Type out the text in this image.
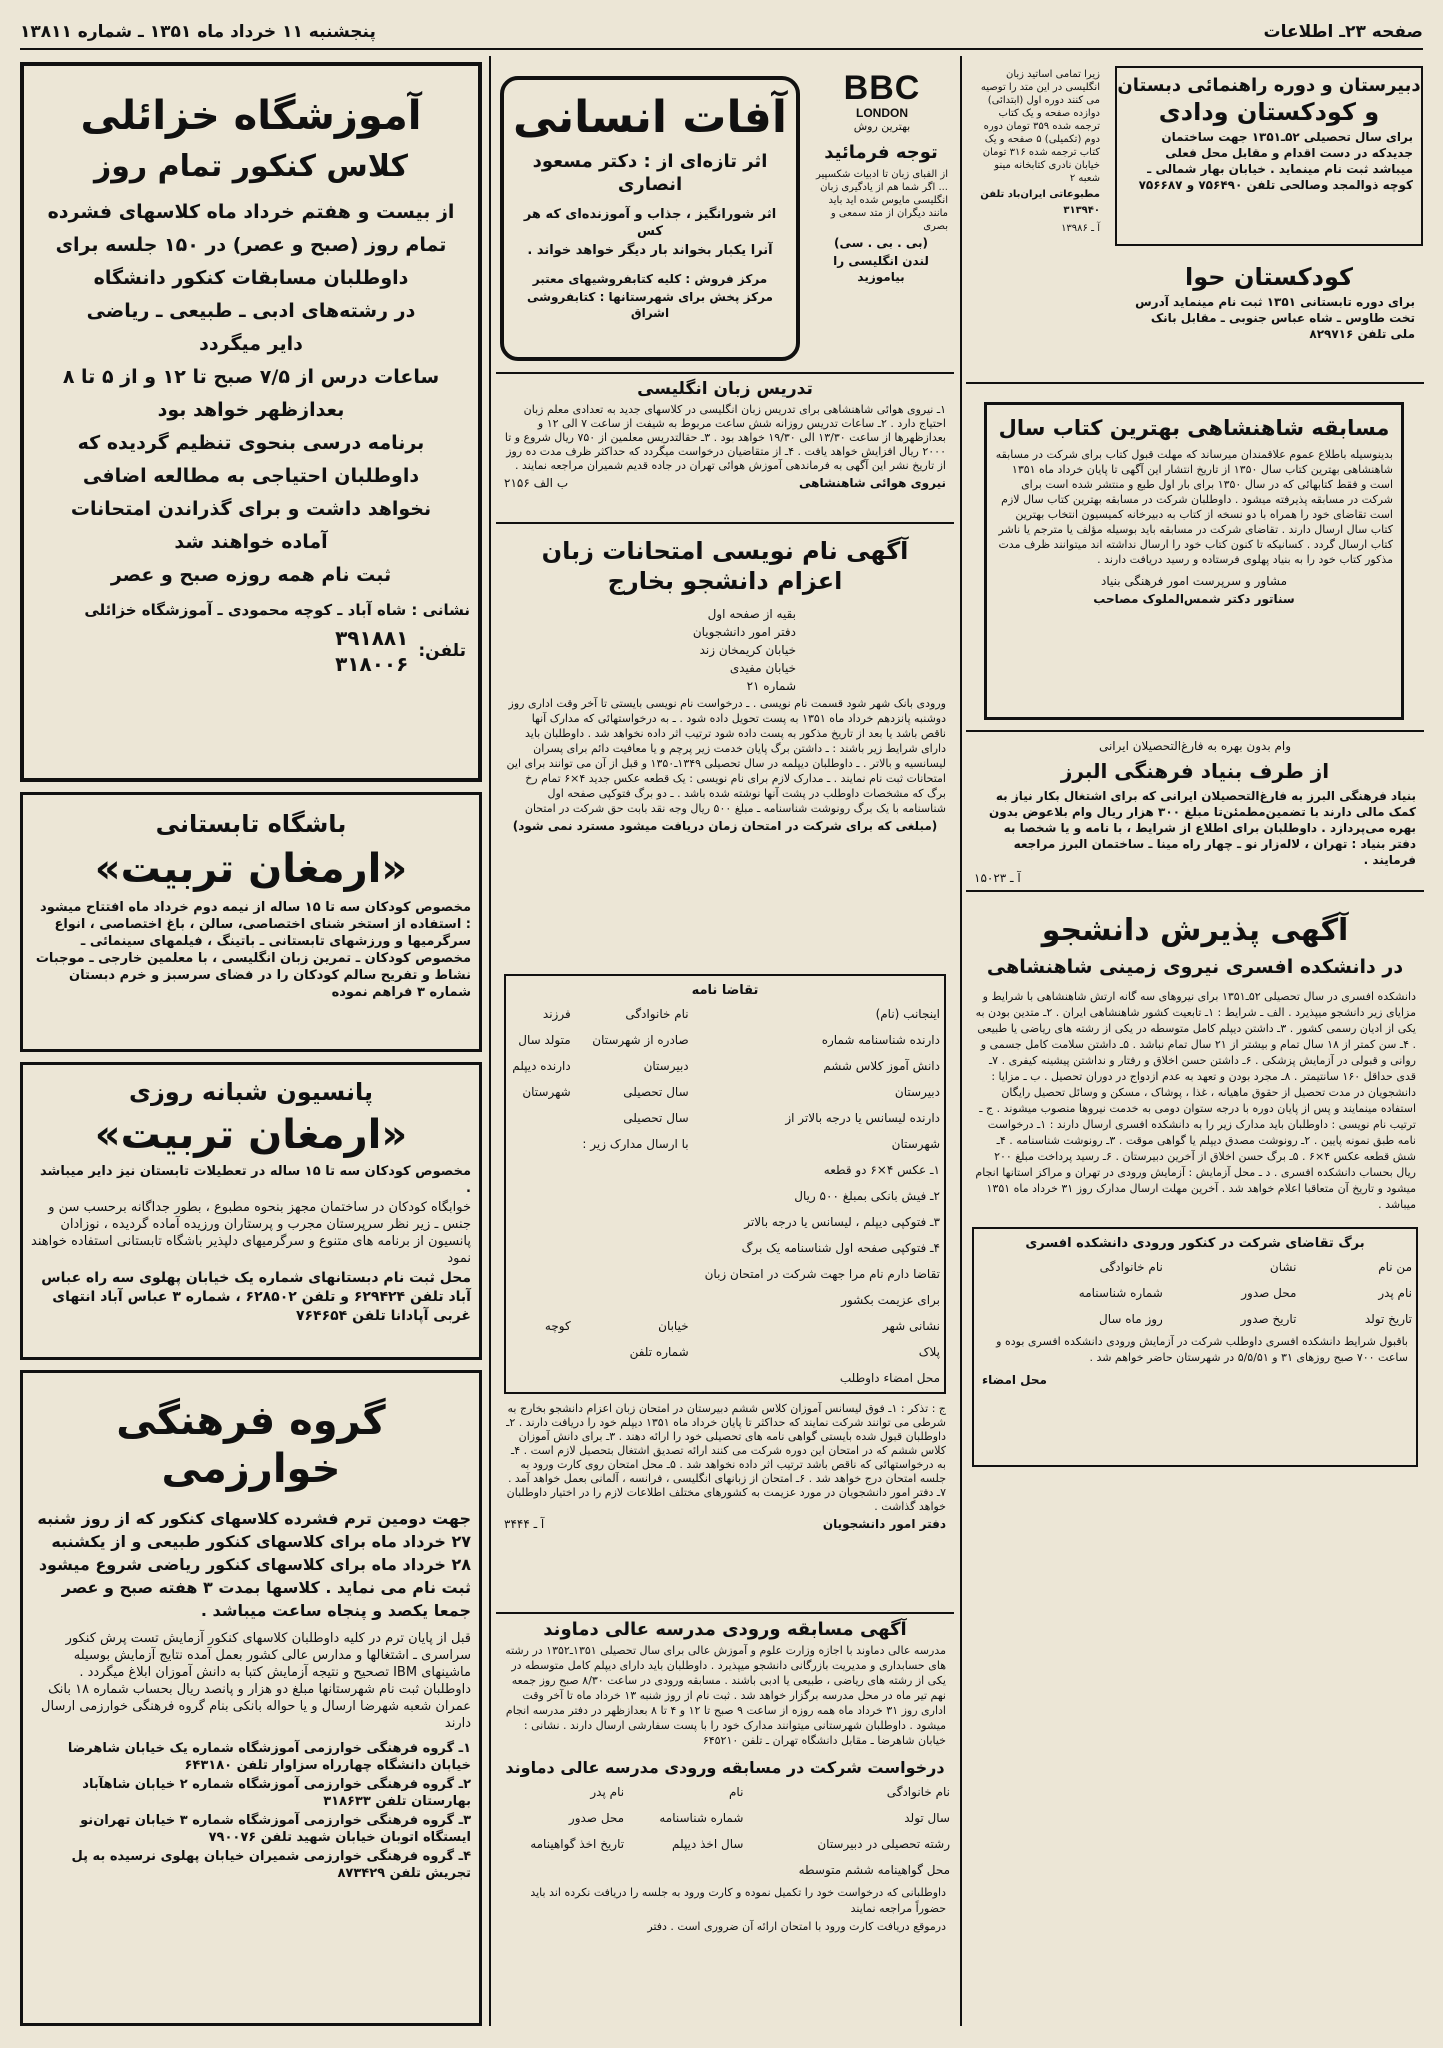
صفحه ۲۳ـ اطلاعات
پنجشنبه ۱۱ خرداد ماه ۱۳۵۱ ـ شماره ۱۳۸۱۱
آموزشگاه خزائلی
کلاس کنکور تمام روز
از بیست و هفتم خرداد ماه کلاسهای فشرده
تمام روز (صبح و عصر) در ۱۵۰ جلسه برای
داوطلبان مسابقات کنکور دانشگاه
در رشته‌های ادبی ـ طبیعی ـ ریاضی
دایر میگردد
ساعات درس از ۷/۵ صبح تا ۱۲ و از ۵ تا ۸
بعدازظهر خواهد بود
برنامه درسی بنحوی تنظیم گردیده که
داوطلبان احتیاجی به مطالعه اضافی
نخواهد داشت و برای گذراندن امتحانات
آماده خواهند شد
ثبت نام همه روزه صبح و عصر
نشانی : شاه آباد ـ کوچه محمودی ـ آموزشگاه خزائلی
تلفن:
۳۹۱۸۸۱
۳۱۸۰۰۶
باشگاه تابستانی
«ارمغان تربیت»
مخصوص کودکان سه تا ۱۵ ساله از نیمه دوم خرداد ماه افتتاح میشود : استفاده از استخر شنای اختصاصی، سالن ، باغ اختصاصی ، انواع سرگرمیها و ورزشهای تابستانی ـ باتینگ ، فیلمهای سینمائی ـ مخصوص کودکان ـ تمرین زبان انگلیسی ، با معلمین خارجی ـ موجبات نشاط و تفریح سالم کودکان را در فضای سرسبز و خرم دبستان شماره ۳ فراهم نموده
پانسیون شبانه روزی
«ارمغان تربیت»
مخصوص کودکان سه تا ۱۵ ساله در تعطیلات تابستان نیز دایر میباشد .
خوابگاه کودکان در ساختمان مجهز بنحوه مطبوع ، بطور جداگانه برحسب سن و جنس ـ زیر نظر سرپرستان مجرب و پرستاران ورزیده آماده گردیده ، نوزادان پانسیون از برنامه های متنوع و سرگرمیهای دلپذیر باشگاه تابستانی استفاده خواهند نمود
محل ثبت نام دبستانهای شماره یک خیابان پهلوی سه راه عباس آباد تلفن ۶۲۹۴۲۴ و تلفن ۶۲۸۵۰۲ ، شماره ۳ عباس آباد انتهای غربی آپادانا تلفن ۷۶۴۶۵۴
گروه فرهنگی خوارزمی
جهت دومین ترم فشرده کلاسهای کنکور که از روز شنبه ۲۷ خرداد ماه برای کلاسهای کنکور طبیعی و از یکشنبه ۲۸ خرداد ماه برای کلاسهای کنکور ریاضی شروع میشود ثبت نام می نماید . کلاسها بمدت ۳ هفته صبح و عصر جمعا یکصد و پنجاه ساعت میباشد .
قبل از پایان ترم در کلیه داوطلبان کلاسهای کنکور آزمایش تست پرش کنکور سراسری ـ اشتغالها و مدارس عالی کشور بعمل آمده نتایج آزمایش بوسیله ماشینهای IBM تصحیح و نتیجه آزمایش کتبا به دانش آموزان ابلاغ میگردد . داوطلبان ثبت نام شهرستانها مبلغ دو هزار و پانصد ریال بحساب شماره ۱۸ بانک عمران شعبه شهرضا ارسال و یا حواله بانکی بنام گروه فرهنگی خوارزمی ارسال دارند
۱ـ گروه فرهنگی خوارزمی آموزشگاه شماره یک خیابان شاهرضا خیابان دانشگاه چهارراه سزاوار تلفن ۶۴۳۱۸۰
۲ـ گروه فرهنگی خوارزمی آموزشگاه شماره ۲ خیابان شاهآباد بهارستان تلفن ۳۱۸۶۳۳
۳ـ گروه فرهنگی خوارزمی آموزشگاه شماره ۳ خیابان تهران‌نو ایستگاه اتوبان خیابان شهید تلفن ۷۹۰۰۷۶
۴ـ گروه فرهنگی خوارزمی شمیران خیابان پهلوی نرسیده به پل تجریش تلفن ۸۷۳۴۲۹
آفات انسانی
اثر تازه‌ای از : دکتر مسعود انصاری
اثر شورانگیز ، جذاب و آموزنده‌ای که هر کس
آنرا یکبار بخواند بار دیگر خواهد خواند .
مرکز فروش : کلیه کتابفروشیهای معتبر
مرکز پخش برای شهرستانها : کتابفروشی اشراق
BBC
LONDON
بهترین روش
توجه فرمائید
از الفبای زبان تا ادبیات شکسپیر ... اگر شما هم از یادگیری زبان انگلیسی مایوس شده اید باید مانند دیگران از متد سمعی و بصری
(بی . بی . سی)
لندن انگلیسی را بیاموزید
تدریس زبان انگلیسی
۱ـ نیروی هوائی شاهنشاهی برای تدریس زبان انگلیسی در کلاسهای جدید به تعدادی معلم زبان احتیاج دارد . ۲ـ ساعات تدریس روزانه شش ساعت مربوط به شیفت از ساعت ۷ الی ۱۲ و بعدازظهرها از ساعت ۱۳/۳۰ الی ۱۹/۳۰ خواهد بود . ۳ـ حقالتدریس معلمین از ۷۵۰ ریال شروع و تا ۲۰۰۰ ریال افزایش خواهد یافت . ۴ـ از متقاضیان درخواست میگردد که حداکثر ظرف مدت ده روز از تاریخ نشر این آگهی به فرماندهی آموزش هوائی تهران در جاده قدیم شمیران مراجعه نمایند .
نیروی هوائی شاهنشاهی
ب الف ۲۱۵۶
آگهی نام نویسی امتحانات زبان
اعزام دانشجو بخارج
بقیه از صفحه اول
دفتر امور دانشجویان
خیابان کریمخان زند
خیابان مفیدی
شماره ۲۱
ورودی بانک شهر شود قسمت نام نویسی . ـ درخواست نام نویسی بایستی تا آخر وقت اداری روز دوشنبه پانزدهم خرداد ماه ۱۳۵۱ به پست تحویل داده شود . ـ به درخواستهائی که مدارک آنها ناقص باشد یا بعد از تاریخ مذکور به پست داده شود ترتیب اثر داده نخواهد شد . داوطلبان باید دارای شرایط زیر باشند : ـ داشتن برگ پایان خدمت زیر پرچم و یا معافیت دائم برای پسران لیسانسیه و بالاتر . ـ داوطلبان دیپلمه در سال تحصیلی ۱۳۴۹ـ۱۳۵۰ و قبل از آن می توانند برای این امتحانات ثبت نام نمایند . ـ مدارک لازم برای نام نویسی : یک قطعه عکس جدید ۴×۶ تمام رخ برگ که مشخصات داوطلب در پشت آنها نوشته شده باشد . ـ دو برگ فتوکپی صفحه اول شناسنامه با یک برگ رونوشت شناسنامه ـ مبلغ ۵۰۰ ریال وجه نقد بابت حق شرکت در امتحان
(مبلغی که برای شرکت در امتحان زمان دریافت میشود مسترد نمی شود)
تقاضا نامه
اینجانب (نام)	نام خانوادگی	فرزند
دارنده شناسنامه شماره	صادره از شهرستان	متولد سال
دانش آموز کلاس ششم	دبیرستان	دارنده دیپلم
دبیرستان	سال تحصیلی	شهرستان
دارنده لیسانس یا درجه بالاتر از	سال تحصیلی	
شهرستان	با ارسال مدارک زیر :	
۱ـ عکس ۴×۶ دو قطعه		
۲ـ فیش بانکی بمبلغ ۵۰۰ ریال		
۳ـ فتوکپی دیپلم ، لیسانس یا درجه بالاتر		
۴ـ فتوکپی صفحه اول شناسنامه یک برگ		
تقاضا دارم نام مرا جهت شرکت در امتحان زبان		
برای عزیمت بکشور		
نشانی شهر	خیابان	کوچه
پلاک	شماره تلفن	
محل امضاء داوطلب		
ج : تذکر : ۱ـ فوق لیسانس آموزان کلاس ششم دبیرستان در امتحان زبان اعزام دانشجو بخارج به شرطی می توانند شرکت نمایند که حداکثر تا پایان خرداد ماه ۱۳۵۱ دیپلم خود را دریافت دارند . ۲ـ داوطلبان قبول شده بایستی گواهی نامه های تحصیلی خود را ارائه دهند . ۳ـ برای دانش آموزان کلاس ششم که در امتحان این دوره شرکت می کنند ارائه تصدیق اشتغال بتحصیل لازم است . ۴ـ به درخواستهائی که ناقص باشد ترتیب اثر داده نخواهد شد . ۵ـ محل امتحان روی کارت ورود به جلسه امتحان درج خواهد شد . ۶ـ امتحان از زبانهای انگلیسی ، فرانسه ، آلمانی بعمل خواهد آمد . ۷ـ دفتر امور دانشجویان در مورد عزیمت به کشورهای مختلف اطلاعات لازم را در اختیار داوطلبان خواهد گذاشت .
دفتر امور دانشجویان
آ ـ ۳۴۴۴
آگهی مسابقه ورودی مدرسه عالی دماوند
مدرسه عالی دماوند با اجازه وزارت علوم و آموزش عالی برای سال تحصیلی ۱۳۵۱ـ۱۳۵۲ در رشته های حسابداری و مدیریت بازرگانی دانشجو میپذیرد . داوطلبان باید دارای دیپلم کامل متوسطه در یکی از رشته های ریاضی ، طبیعی یا ادبی باشند . مسابقه ورودی در ساعت ۸/۳۰ صبح روز جمعه نهم تیر ماه در محل مدرسه برگزار خواهد شد . ثبت نام از روز شنبه ۱۳ خرداد ماه تا آخر وقت اداری روز ۳۱ خرداد ماه همه روزه از ساعت ۹ صبح تا ۱۲ و ۴ تا ۸ بعدازظهر در دفتر مدرسه انجام میشود . داوطلبان شهرستانی میتوانند مدارک خود را با پست سفارشی ارسال دارند . نشانی : خیابان شاهرضا ـ مقابل دانشگاه تهران ـ تلفن ۶۴۵۲۱۰
درخواست شرکت در مسابقه ورودی مدرسه عالی دماوند
نام خانوادگی	نام	نام پدر
سال تولد	شماره شناسنامه	محل صدور
رشته تحصیلی در دبیرستان	سال اخذ دیپلم	تاریخ اخذ گواهینامه
محل گواهینامه ششم متوسطه		
داوطلبانی که درخواست خود را تکمیل نموده و کارت ورود به جلسه را دریافت نکرده اند باید حضوراً مراجعه نمایند
درموقع دریافت کارت ورود با امتحان ارائه آن ضروری است . دفتر
دبیرستان و دوره راهنمائی دبستان
و کودکستان ودادی
برای سال تحصیلی ۵۲ـ۱۳۵۱ جهت ساختمان جدیدکه در دست اقدام و مقابل محل فعلی میباشد ثبت نام مینماید . خیابان بهار شمالی ـ کوچه ذوالمجد وصالحی تلفن ۷۵۶۴۹۰ و ۷۵۶۶۸۷
زیرا تمامی اساتید زبان انگلیسی در این متد را توصیه می کنند دوره اول (ابتدائی) دوازده صفحه و یک کتاب ترجمه شده ۳۵۹ تومان دوره دوم (تکمیلی) ۵ صفحه و یک کتاب ترجمه شده ۳۱۶ تومان خیابان نادری کتابخانه مینو شعبه ۲
مطبوعاتی ایران‌باد تلفن ۳۱۳۹۴۰
آ ـ ۱۳۹۸۶
کودکستان حوا
برای دوره تابستانی ۱۳۵۱ ثبت نام مینماید آدرس تخت طاوس ـ شاه عباس جنوبی ـ مقابل بانک ملی تلفن ۸۲۹۷۱۶
مسابقه شاهنشاهی بهترین کتاب سال
بدینوسیله باطلاع عموم علاقمندان میرساند که مهلت قبول کتاب برای شرکت در مسابقه شاهنشاهی بهترین کتاب سال ۱۳۵۰ از تاریخ انتشار این آگهی تا پایان خرداد ماه ۱۳۵۱ است و فقط کتابهائی که در سال ۱۳۵۰ برای بار اول طبع و منتشر شده است برای شرکت در مسابقه پذیرفته میشود . داوطلبان شرکت در مسابقه بهترین کتاب سال لازم است تقاضای خود را همراه با دو نسخه از کتاب به دبیرخانه کمیسیون انتخاب بهترین کتاب سال ارسال دارند . تقاضای شرکت در مسابقه باید بوسیله مؤلف یا مترجم یا ناشر کتاب ارسال گردد . کسانیکه تا کنون کتاب خود را ارسال نداشته اند میتوانند ظرف مدت مذکور کتاب خود را به بنیاد پهلوی فرستاده و رسید دریافت دارند .
مشاور و سرپرست امور فرهنگی بنیاد
سناتور دکتر شمس‌الملوک مصاحب
وام بدون بهره به فارغ‌التحصیلان ایرانی
از طرف بنیاد فرهنگی البرز
بنیاد فرهنگی البرز به فارغ‌التحصیلان ایرانی که برای اشتغال بکار نیاز به کمک مالی دارند با تضمین‌مطمئن‌تا مبلغ ۳۰۰ هزار ریال وام بلاعوض بدون بهره می‌پردازد . داوطلبان برای اطلاع از شرایط ، با نامه و یا شخصا به دفتر بنیاد : تهران ، لاله‌زار نو ـ چهار راه مینا ـ ساختمان البرز مراجعه فرمایند .
آ ـ ۱۵۰۲۳
آگهی پذیرش دانشجو
در دانشکده افسری نیروی زمینی شاهنشاهی
دانشکده افسری در سال تحصیلی ۵۲ـ۱۳۵۱ برای نیروهای سه گانه ارتش شاهنشاهی با شرایط و مزایای زیر دانشجو میپذیرد . الف ـ شرایط : ۱ـ تابعیت کشور شاهنشاهی ایران . ۲ـ متدین بودن به یکی از ادیان رسمی کشور . ۳ـ داشتن دیپلم کامل متوسطه در یکی از رشته های ریاضی یا طبیعی . ۴ـ سن کمتر از ۱۸ سال تمام و بیشتر از ۲۱ سال تمام نباشد . ۵ـ داشتن سلامت کامل جسمی و روانی و قبولی در آزمایش پزشکی . ۶ـ داشتن حسن اخلاق و رفتار و نداشتن پیشینه کیفری . ۷ـ قدی حداقل ۱۶۰ سانتیمتر . ۸ـ مجرد بودن و تعهد به عدم ازدواج در دوران تحصیل . ب ـ مزایا : دانشجویان در مدت تحصیل از حقوق ماهیانه ، غذا ، پوشاک ، مسکن و وسائل تحصیل رایگان استفاده مینمایند و پس از پایان دوره با درجه ستوان دومی به خدمت نیروها منصوب میشوند . ج ـ ترتیب نام نویسی : داوطلبان باید مدارک زیر را به دانشکده افسری ارسال دارند : ۱ـ درخواست نامه طبق نمونه پایین . ۲ـ رونوشت مصدق دیپلم یا گواهی موقت . ۳ـ رونوشت شناسنامه . ۴ـ شش قطعه عکس ۴×۶ . ۵ـ برگ حسن اخلاق از آخرین دبیرستان . ۶ـ رسید پرداخت مبلغ ۲۰۰ ریال بحساب دانشکده افسری . د ـ محل آزمایش : آزمایش ورودی در تهران و مراکز استانها انجام میشود و تاریخ آن متعاقبا اعلام خواهد شد . آخرین مهلت ارسال مدارک روز ۳۱ خرداد ماه ۱۳۵۱ میباشد .
برگ تقاضای شرکت در کنکور ورودی دانشکده افسری
من نام	نشان	نام خانوادگی
نام پدر	محل صدور	شماره شناسنامه
تاریخ تولد	تاریخ صدور	روز ماه سال
باقبول شرایط دانشکده افسری داوطلب شرکت در آزمایش ورودی دانشکده افسری بوده و ساعت ۷۰۰ صبح روزهای ۳۱ و ۵/۵/۵۱ در شهرستان حاضر خواهم شد .
محل امضاء
